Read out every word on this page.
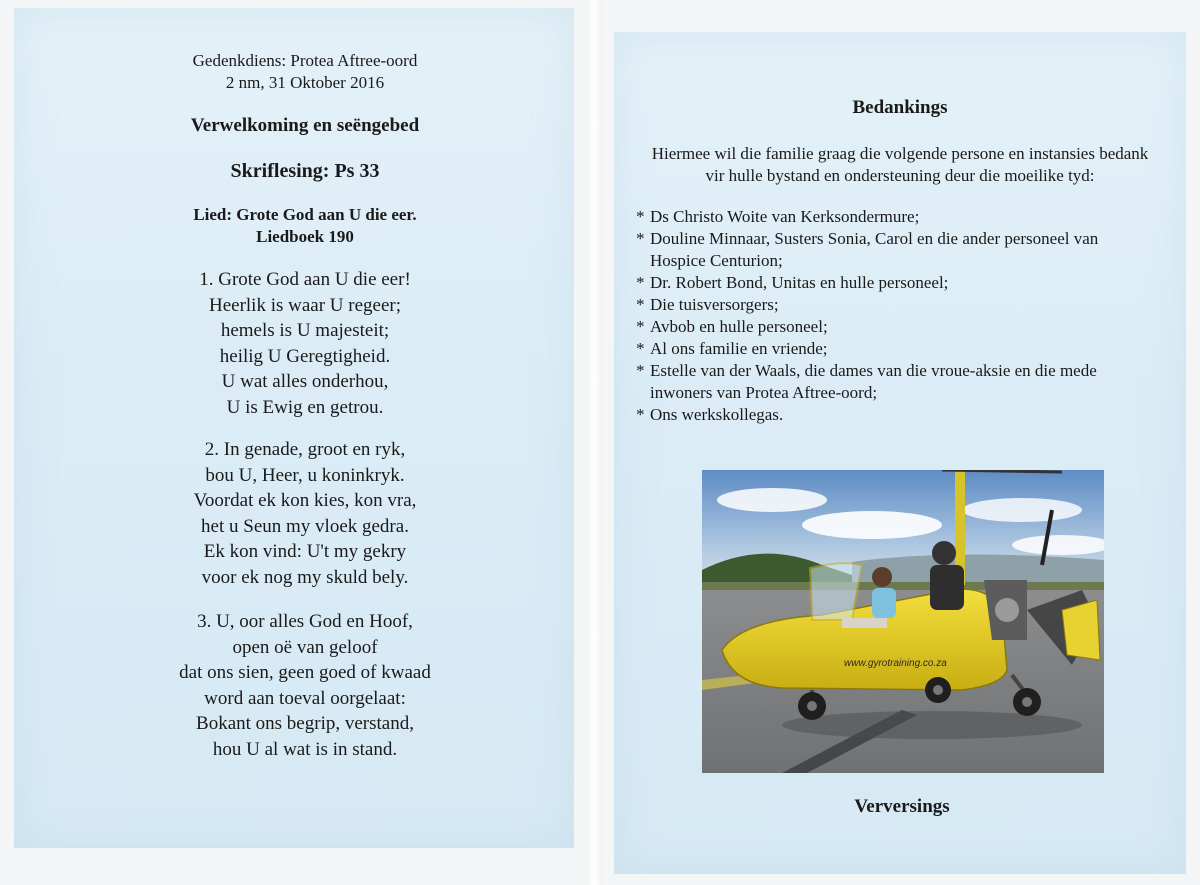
Gedenkdiens: Protea Aftree-oord
2 nm, 31 Oktober 2016
Verwelkoming en seëngebed
Skriflesing: Ps 33
Lied: Grote God aan U die eer.
Liedboek 190
1. Grote God aan U die eer!
Heerlik is waar U regeer;
hemels is U majesteit;
heilig U Geregtigheid.
U wat alles onderhou,
U is Ewig en getrou.
2. In genade, groot en ryk,
bou U, Heer, u koninkryk.
Voordat ek kon kies, kon vra,
het u Seun my vloek gedra.
Ek kon vind: U't my gekry
voor ek nog my skuld bely.
3. U, oor alles God en Hoof,
open oë van geloof
dat ons sien, geen goed of kwaad
word aan toeval oorgelaat:
Bokant ons begrip, verstand,
hou U al wat is in stand.
Bedankings
Hiermee wil die familie graag die volgende persone en instansies bedank
vir hulle bystand en ondersteuning deur die moeilike tyd:
* Ds Christo Woite van Kerksondermure;
* Douline Minnaar, Susters Sonia, Carol en die ander personeel van
Hospice Centurion;
* Dr. Robert Bond, Unitas en hulle personeel;
* Die tuisversorgers;
* Avbob en hulle personeel;
* Al ons familie en vriende;
* Estelle van der Waals, die dames van die vroue-aksie en die mede
inwoners van Protea Aftree-oord;
* Ons werkskollegas.
www.gyrotraining.co.za
Verversings
